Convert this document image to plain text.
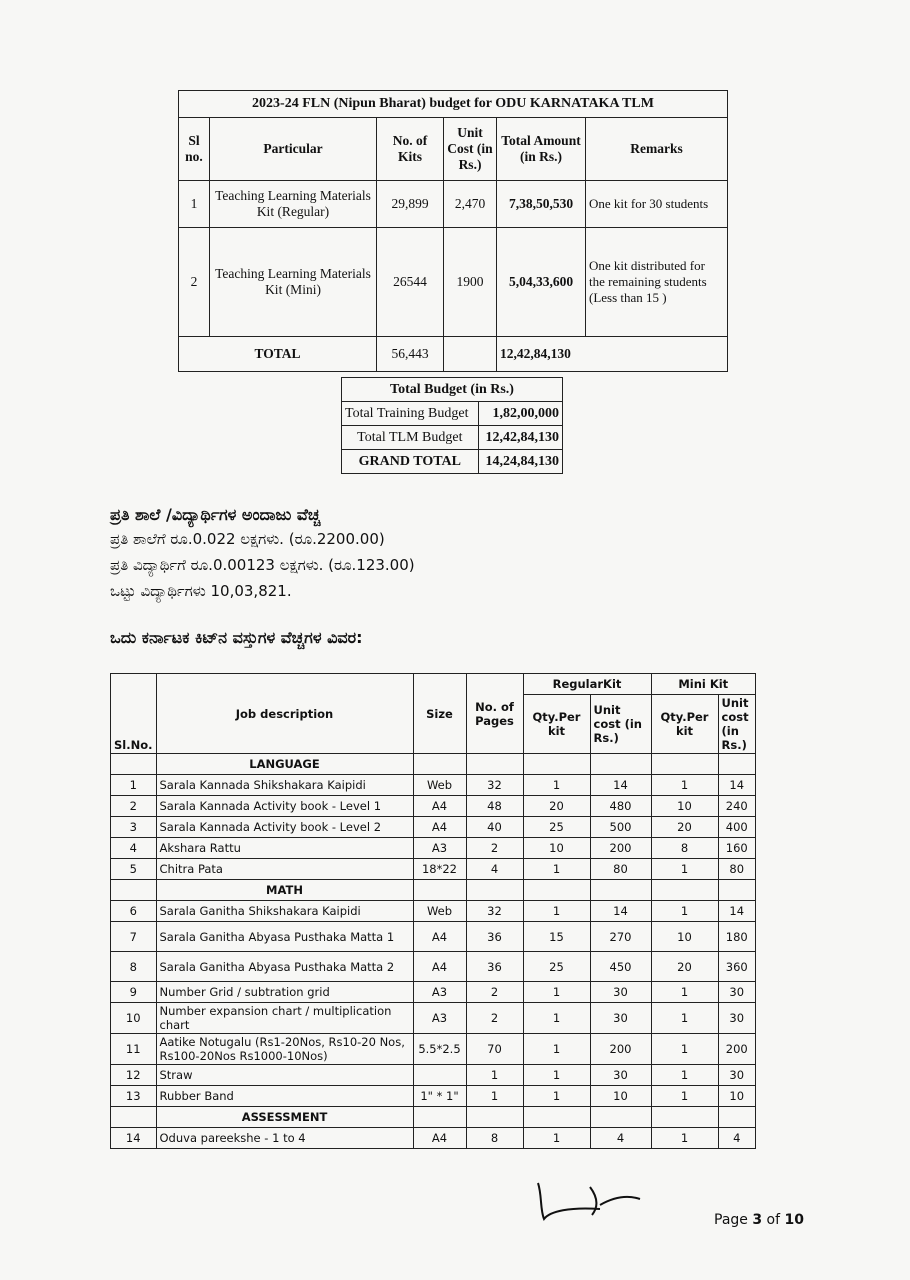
2023-24 FLN (Nipun Bharat) budget for ODU KARNATAKA TLM					
Sl no.	Particular	No. of Kits	Unit Cost (in Rs.)	Total Amount (in Rs.)	Remarks
1	Teaching Learning Materials Kit (Regular)	29,899	2,470	7,38,50,530	One kit for 30 students
2	Teaching Learning Materials Kit (Mini)	26544	1900	5,04,33,600	One kit distributed for the remaining students (Less than 15 )
TOTAL		56,443		12,42,84,130	
Total Budget (in Rs.)	
Total Training Budget	1,82,00,000
Total TLM Budget	12,42,84,130
GRAND TOTAL	14,24,84,130
ಪ್ರತಿ ಶಾಲೆ /ವಿದ್ಯಾರ್ಥಿಗಳ ಅಂದಾಜು ವೆಚ್ಚ
ಪ್ರತಿ ಶಾಲೆಗೆ ರೂ.0.022 ಲಕ್ಷಗಳು. (ರೂ.2200.00)
ಪ್ರತಿ ವಿದ್ಯಾರ್ಥಿಗೆ ರೂ.0.00123 ಲಕ್ಷಗಳು. (ರೂ.123.00)
ಒಟ್ಟು ವಿದ್ಯಾರ್ಥಿಗಳು 10,03,821.
ಒದು ಕರ್ನಾಟಕ ಕಿಟ್‌ನ ವಸ್ತುಗಳ ವೆಚ್ಚಗಳ ವಿವರ:
Sl.No.	Job description	Size	No. of Pages	RegularKit		Mini Kit	
				Qty.Per kit	Unit cost (in Rs.)	Qty.Per kit	Unit cost (in Rs.)
	LANGUAGE						
1	Sarala Kannada Shikshakara Kaipidi	Web	32	1	14	1	14
2	Sarala Kannada Activity book - Level 1	A4	48	20	480	10	240
3	Sarala Kannada Activity book - Level 2	A4	40	25	500	20	400
4	Akshara Rattu	A3	2	10	200	8	160
5	Chitra Pata	18*22	4	1	80	1	80
	MATH						
6	Sarala Ganitha Shikshakara Kaipidi	Web	32	1	14	1	14
7	Sarala Ganitha Abyasa Pusthaka Matta 1	A4	36	15	270	10	180
8	Sarala Ganitha Abyasa Pusthaka Matta 2	A4	36	25	450	20	360
9	Number Grid / subtration grid	A3	2	1	30	1	30
10	Number expansion chart / multiplication chart	A3	2	1	30	1	30
11	Aatike Notugalu (Rs1-20Nos, Rs10-20 Nos, Rs100-20Nos Rs1000-10Nos)	5.5*2.5	70	1	200	1	200
12	Straw		1	1	30	1	30
13	Rubber Band	1" * 1"	1	1	10	1	10
	ASSESSMENT						
14	Oduva pareekshe - 1 to 4	A4	8	1	4	1	4
Page 3 of 10
